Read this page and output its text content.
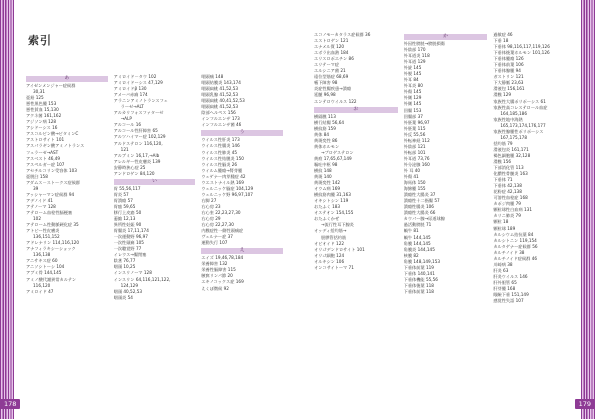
索引
あ
アイゼンメンジャー症候群
30,31
亜鉛 125
悪性黒色腫 153
悪性貧血 15,130
アクネ菌 161,162
アジソン病 128
アシドーシス 16
アスコルビン酸→ビタミンC
アストロサイト 101
アスパラギン酸アミノトランス
フェラーゼ→AST
アスベスト 46,49
アスペルガー症 107
アセチルコリン受容体 103
亜脱臼 158
アダムス－ストークス症候群
39
アッシャーマン症候群 94
アデノイド 41
アテノーマ 128
アテローム血栓性脳梗塞
102
アテローム性動脈硬化症 35
アトピー性皮膚炎
136,151,152
アドレナリン 114,116,120
アナフィラキシーショック
136,138
アニサキス症 60
アニソシトーシ 104
アブミ骨 144,145
アミノ酸代謝異常カルテン
116,120
アミロイド 47
アミロイド－タウ 102
アミロイドーシス 47,129
アミロイドβ 130
アメーバ赤痢 174
アラニンアミノトランスフェ
ラーゼ→ALT
アルカリフォスファターゼ
→ALP
アルコール 16
アルコール性肝障害 65
アルツハイマー症 102,129
アルドステロン 116,120,
121
アルブミン 16,17,→Alb
アレルギー性皮膚炎 139
安静時狭心症 25
アンドロゲン 84,120
い
胃 55,56,117
胃炎 57
胃潰瘍 57
胃癌 59,65
移行上皮癌 50
萎縮 12,13
異所性妊娠 90
胃腸炎 17,11,174
一次運動野 96,97
一次性頭痛 105
一次聴覚野 77
イレウス→腸閉塞
陰茎 76,77
咽頭 10,25
インスリノーマ 128
インスリン 64,116,121,122,
124,129
咽頭 40,52,53
咽頭炎 54
咽頭痛 148
咽頭結膜炎 143,174
咽頭扁桃 41,52,53
咽頭乳腺 41,52,53
咽頭扁桃 40,41,52,53
咽頭扁桃 41,52,53
陰部ヘルペス 156
インフルエンザ 173
インフルエンザ菌 46
う
ウイルス性肝炎 173
ウイルス性腸炎 146
ウイルス性肺炎 45
ウイルス性結膜炎 150
ウイルス性脳炎 26
ウイルム腫瘍→腎芽腫
ウェゲナー肉芽腫症 42
ウエストナイル熱 169
ウェルニッケ脳症 104,129
ウェルニッケ野 96,97,107
右脚 27
右心房 23
右心室 22,23,27,30
右心房 29
右心房 22,27,30
内膜症性一側性頭痛症
ヴェルナー症 37
運動失行 107
え
エイズ 19,46,78,184
栄養障害 132
栄養性脳障害 115
腋窩リンパ節 20
エキノコックス症 169
えくぼ徴候 92
エコノモーカタラス症候群 36
エストロゲン 121
エナメル質 120
エボラ出血熱 184
エリスロポエチン 86
エリテーマ症
エルシニア菌 21
遠位型筋症 68,69
嚥下障害 98
炎症性腸疾患→潰瘍
延髄 96,98
エンテロウイルス 122
お
横隔膜 113
横行結腸 56,64
横紋筋 159
黄体 84
黄斑変性 86
黄体ホルモン
→プロゲステロン
黄疸 17,65,67,149
嘔吐中枢 98
横紋 148
黄斑 140
黄斑変性 142
オウム病 169
横紋筋肉腫 31,163
オキシトシン 119
おたふく 183
オステオン 154,155
おたふくかぜ
→流行性耳下腺炎
オッディ括約筋→
胆膵管括約筋
オピオイド 122
オリゴデンドロサイト 101
オリゴ細胞 124
オルキシン 106
オンコサイトーマ 71
か
外因性膀胱→膀胱損傷
外陰部 170
外耳道炎 118
外耳道 129
外旋 145
外脱 145
外耳 84
外耳炎 80
外傷 145
外側 129
外側 145
回腸 153
回腸部 37
外胚葉 96,97
外胚葉 115
外反 55,56
外転神経 112
外陰部 121
外転部 101
外耳道 73,76
外分泌腺 160
外 耳 40
外傷 41
海馬体 150
海綿腫 155
潰瘍性大腸炎 37
潰瘍性十二指腸 57
潰瘍性腸炎 106
潰瘍性大腸炎 66
カウパー腺→尿道球腺
過活動膀胱 71
蝸牛 81
蝸牛 144,145
角膜 144,145
角膜炎 144,145
核膜 82
角膜 148,149,153
下垂体前葉 119
下垂体 140,141
下垂体機能 55,56
下垂体後葉 118
下垂体前葉 118
過敏症 46
下垂 18
下垂体 98,116,117,119,126
下垂体後葉ホルモン 101,126
下垂体腫瘍 126
下垂体前葉 106
下垂体腺腫 94
ガストリン 121
下大静脈 23,63
滑液包 156,161
滑膜 129
家族性大腸ポリポーシス 61
家族性高コレステロール血症
164,185,186
家族性地中海熱
165,173,174,176,177
家族性腺腫性ポリポーシス
167,175,178
括約筋 79
滑液包炎 161,171
褐色細胞腫 32,128
滑膜 156
下部消化管 113
化膿性骨髄炎 163
下垂体 71
下垂体 42,138
花粉症 42,138
可溶性血栓症 168
カポジ肉腫 79
顆粒球性白血病 131
カリニ肺炎 79
顆粒 18
顆粒球 189
カルシウム拮抗薬 84
カルシトニン 119,154
カルタゲナー症候群 56
カルチノイド 38
カルチノイド症候群 46
川崎病 38
肝炎 63
肝炎ウイルス 146
肝外胆管 65
肝芽腫 168
眼瞼下垂 151,149
感覚性失語 107
178	179
